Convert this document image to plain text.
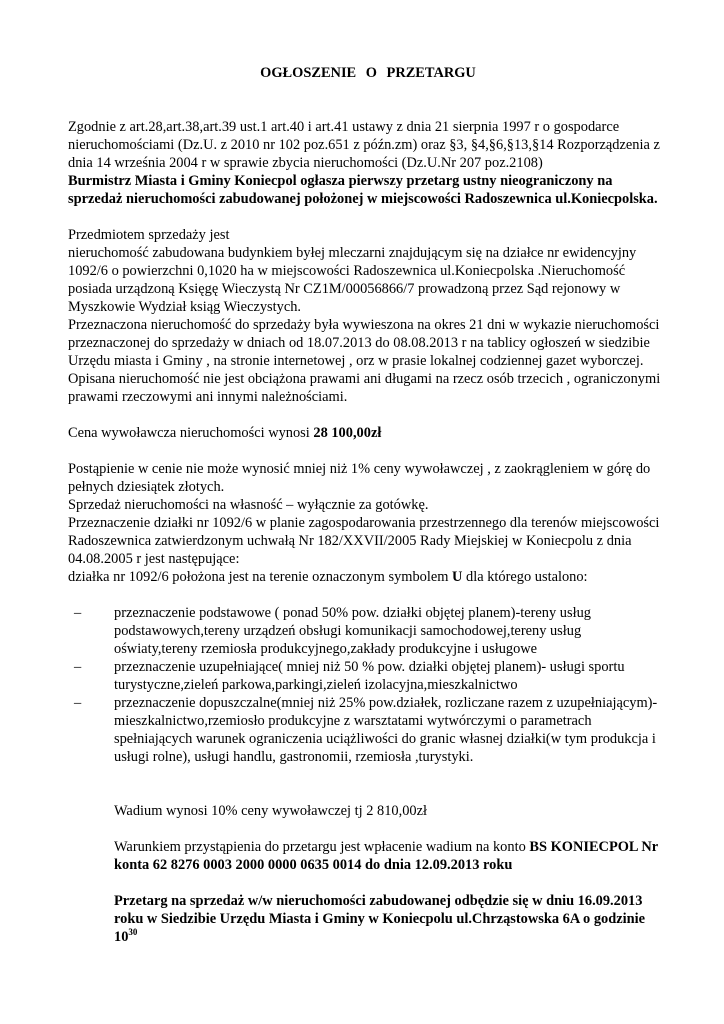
OGŁOSZENIE O PRZETARGU

Zgodnie z art.28,art.38,art.39 ust.1 art.40 i art.41 ustawy z dnia 21 sierpnia 1997 r o gospodarce nieruchomościami (Dz.U. z 2010 nr 102 poz.651 z późn.zm) oraz §3, §4,§6,§13,§14 Rozporządzenia z dnia 14 września 2004 r w sprawie zbycia nieruchomości (Dz.U.Nr 207 poz.2108)

Burmistrz Miasta i Gminy Koniecpol ogłasza pierwszy przetarg ustny nieograniczony na sprzedaż nieruchomości zabudowanej położonej w miejscowości Radoszewnica ul.Koniecpolska.

Przedmiotem sprzedaży jest

nieruchomość zabudowana budynkiem byłej mleczarni znajdującym się na działce nr ewidencyjny 1092/6 o powierzchni 0,1020 ha w miejscowości Radoszewnica ul.Koniecpolska .Nieruchomość posiada urządzoną Księgę Wieczystą Nr CZ1M/00056866/7 prowadzoną przez Sąd rejonowy w Myszkowie Wydział ksiąg Wieczystych.

Przeznaczona nieruchomość do sprzedaży była wywieszona na okres 21 dni w wykazie nieruchomości przeznaczonej do sprzedaży w dniach od 18.07.2013 do 08.08.2013 r na tablicy ogłoszeń w siedzibie Urzędu miasta i Gminy , na stronie internetowej , orz w prasie lokalnej codziennej gazet wyborczej.

Opisana nieruchomość nie jest obciążona prawami ani długami na rzecz osób trzecich , ograniczonymi prawami rzeczowymi ani innymi należnościami.

Cena wywoławcza nieruchomości wynosi 28 100,00zł

Postąpienie w cenie nie może wynosić mniej niż 1% ceny wywoławczej , z zaokrągleniem w górę do pełnych dziesiątek złotych.

Sprzedaż nieruchomości na własność – wyłącznie za gotówkę.

Przeznaczenie działki nr 1092/6 w planie zagospodarowania przestrzennego dla terenów miejscowości Radoszewnica zatwierdzonym uchwałą Nr 182/XXVII/2005 Rady Miejskiej w Koniecpolu z dnia 04.08.2005 r jest następujące:

działka nr 1092/6 położona jest na terenie oznaczonym symbolem U dla którego ustalono:

– przeznaczenie podstawowe ( ponad 50% pow. działki objętej planem)-tereny usług podstawowych,tereny urządzeń obsługi komunikacji samochodowej,tereny usług oświaty,tereny rzemiosła produkcyjnego,zakłady produkcyjne i usługowe
– przeznaczenie uzupełniające( mniej niż 50 % pow. działki objętej planem)- usługi sportu turystyczne,zieleń parkowa,parkingi,zieleń izolacyjna,mieszkalnictwo
– przeznaczenie dopuszczalne(mniej niż 25% pow.działek, rozliczane razem z uzupełniającym)-mieszkalnictwo,rzemiosło produkcyjne z warsztatami wytwórczymi o parametrach spełniających warunek ograniczenia uciążliwości do granic własnej działki(w tym produkcja i usługi rolne), usługi handlu, gastronomii, rzemiosła ,turystyki.

Wadium wynosi 10% ceny wywoławczej tj 2 810,00zł

Warunkiem przystąpienia do przetargu jest wpłacenie wadium na konto BS KONIECPOL Nr konta 62 8276 0003 2000 0000 0635 0014 do dnia 12.09.2013 roku

Przetarg na sprzedaż w/w nieruchomości zabudowanej odbędzie się w dniu 16.09.2013 roku w Siedzibie Urzędu Miasta i Gminy w Koniecpolu ul.Chrząstowska 6A o godzinie $10^{30}$
